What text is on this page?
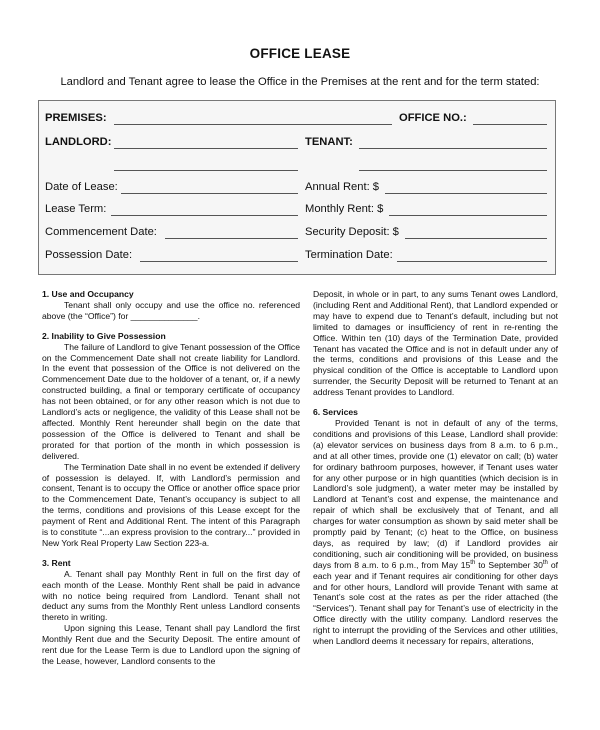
OFFICE LEASE
Landlord and Tenant agree to lease the Office in the Premises at the rent and for the term stated:
PREMISES:	OFFICE NO.:
LANDLORD:	TENANT:
Date of Lease:	Annual Rent: $
Lease Term:	Monthly Rent: $
Commencement Date:	Security Deposit: $
Possession Date:	Termination Date:

1. Use and Occupancy

Tenant shall only occupy and use the office no. referenced above (the “Office”) for ______________.

2. Inability to Give Possession

The failure of Landlord to give Tenant possession of the Office on the Commencement Date shall not create liability for Landlord. In the event that possession of the Office is not delivered on the Commencement Date due to the holdover of a tenant, or, if a newly constructed building, a final or temporary certificate of occupancy has not been obtained, or for any other reason which is not due to Landlord’s acts or negligence, the validity of this Lease shall not be affected. Monthly Rent hereunder shall begin on the date that possession of the Office is delivered to Tenant and shall be prorated for that portion of the month in which possession is delivered.

The Termination Date shall in no event be extended if delivery of possession is delayed. If, with Landlord’s permission and consent, Tenant is to occupy the Office or another office space prior to the Commencement Date, Tenant’s occupancy is subject to all the terms, conditions and provisions of this Lease except for the payment of Rent and Additional Rent. The intent of this Paragraph is to constitute “...an express provision to the contrary...” provided in New York Real Property Law Section 223-a.

3. Rent

A. Tenant shall pay Monthly Rent in full on the first day of each month of the Lease. Monthly Rent shall be paid in advance with no notice being required from Landlord. Tenant shall not deduct any sums from the Monthly Rent unless Landlord consents thereto in writing.

Upon signing this Lease, Tenant shall pay Landlord the first Monthly Rent due and the Security Deposit. The entire amount of rent due for the Lease Term is due to Landlord upon the signing of the Lease, however, Landlord consents to the

Deposit, in whole or in part, to any sums Tenant owes Landlord, (including Rent and Additional Rent), that Landlord expended or may have to expend due to Tenant’s default, including but not limited to damages or insufficiency of rent in re-renting the Office. Within ten (10) days of the Termination Date, provided Tenant has vacated the Office and is not in default under any of the terms, conditions and provisions of this Lease and the physical condition of the Office is acceptable to Landlord upon surrender, the Security Deposit will be returned to Tenant at an address Tenant provides to Landlord.

6. Services

Provided Tenant is not in default of any of the terms, conditions and provisions of this Lease, Landlord shall provide: (a) elevator services on business days from 8 a.m. to 6 p.m., and at all other times, provide one (1) elevator on call; (b) water for ordinary bathroom purposes, however, if Tenant uses water for any other purpose or in high quantities (which decision is in Landlord’s sole judgment), a water meter may be installed by Landlord at Tenant’s cost and expense, the maintenance and repair of which shall be exclusively that of Tenant, and all charges for water consumption as shown by said meter shall be promptly paid by Tenant; (c) heat to the Office, on business days, as required by law; (d) if Landlord provides air conditioning, such air conditioning will be provided, on business days from 8 a.m. to 6 p.m., from May 15th to September 30th of each year and if Tenant requires air conditioning for other days and for other hours, Landlord will provide Tenant with same at Tenant’s sole cost at the rates as per the rider attached (the “Services”). Tenant shall pay for Tenant’s use of electricity in the Office directly with the utility company. Landlord reserves the right to interrupt the providing of the Services and other utilities, when Landlord deems it necessary for repairs, alterations,
